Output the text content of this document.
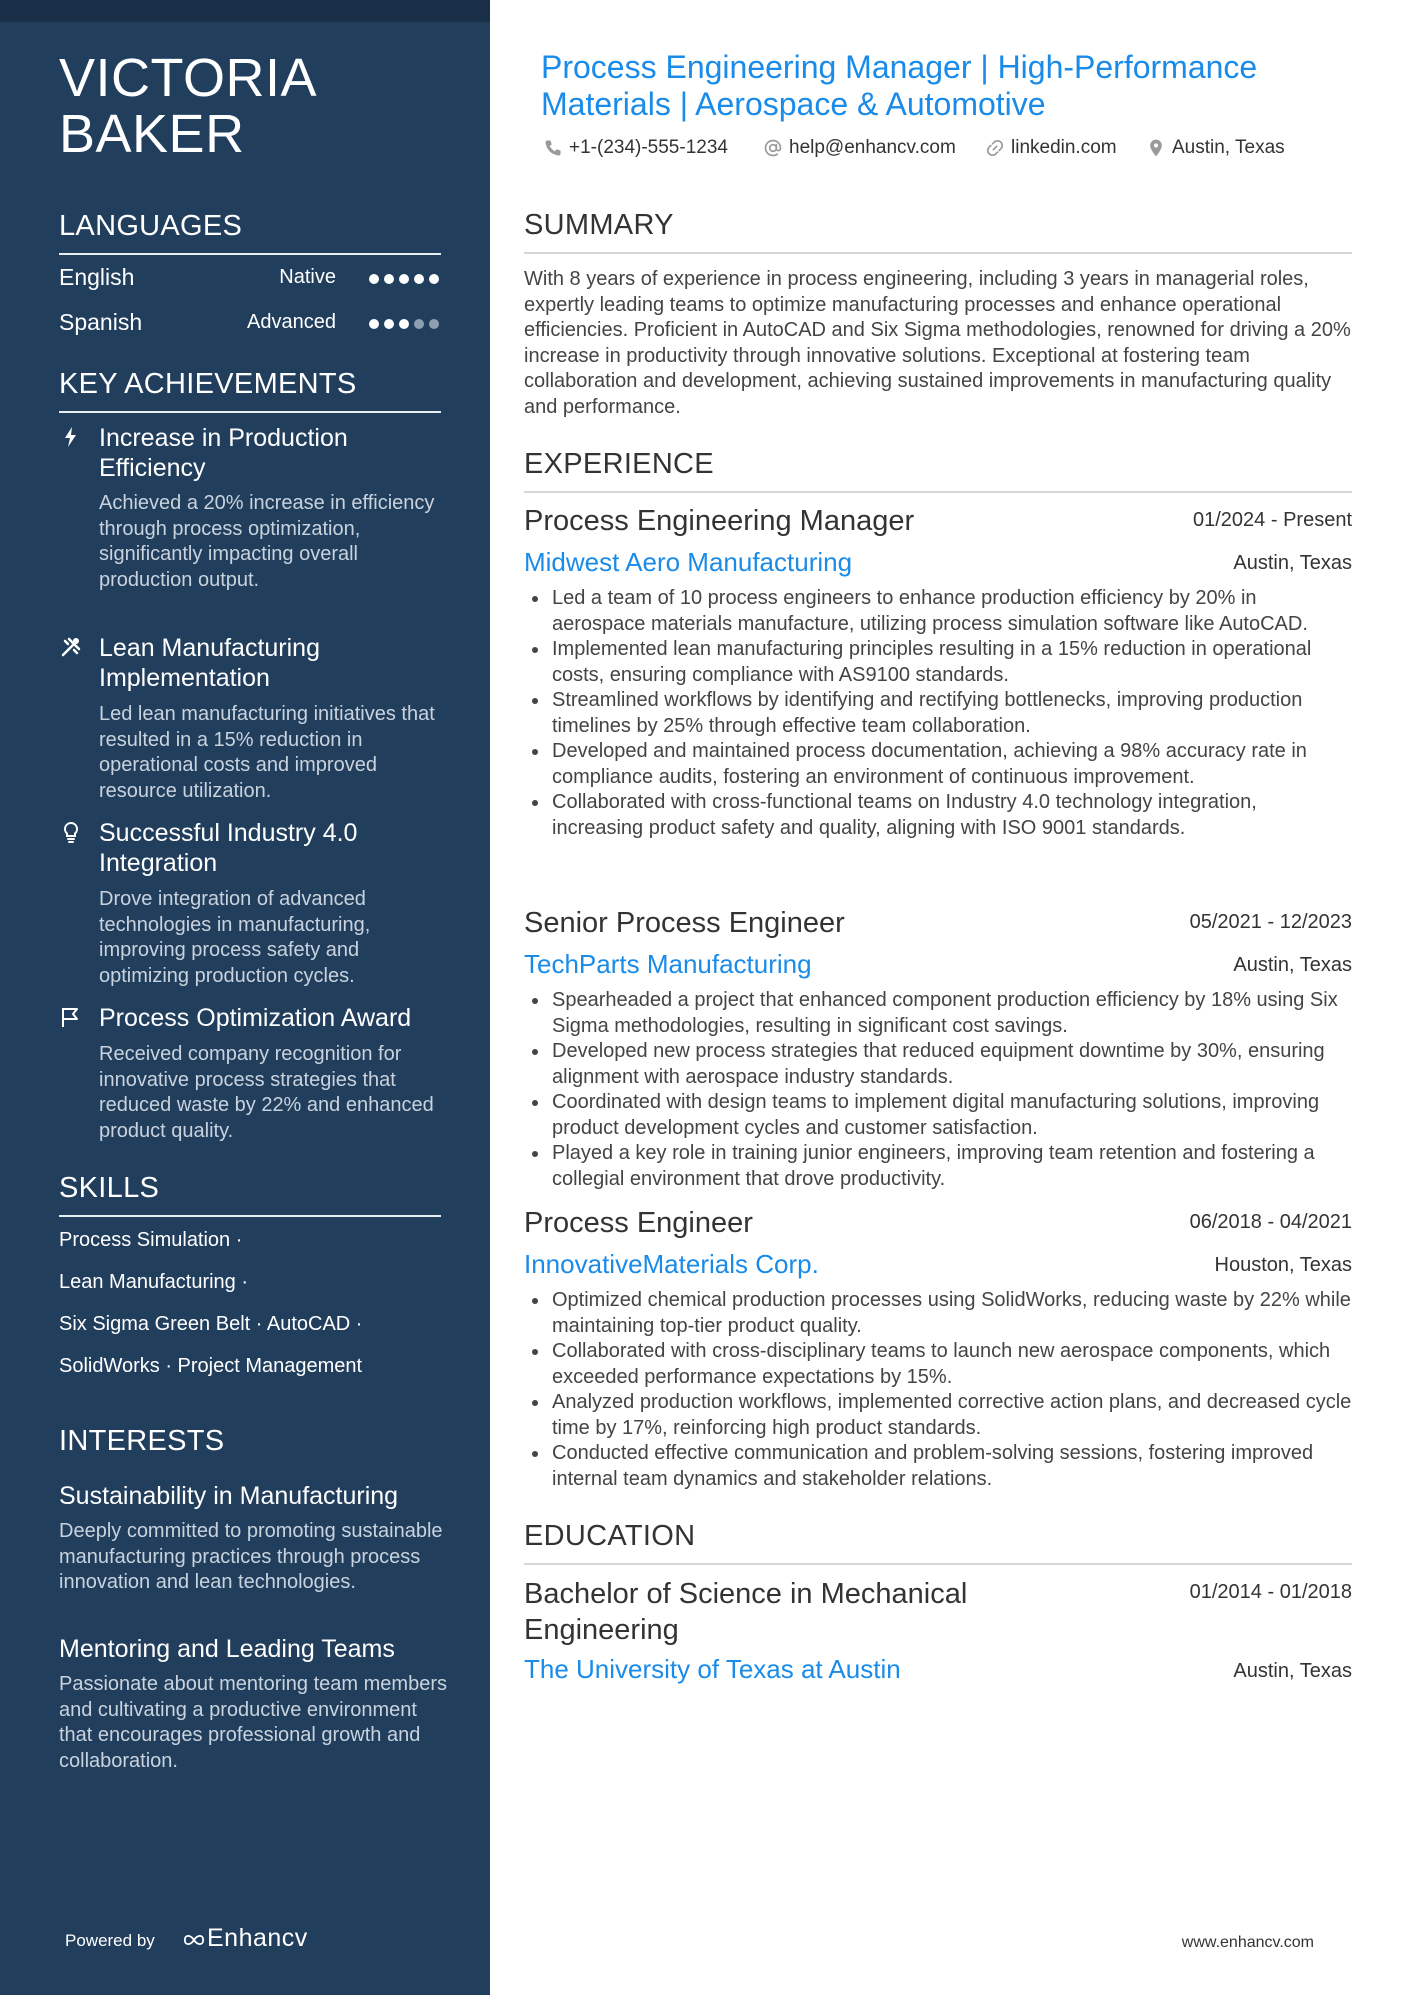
VICTORIA
BAKER
LANGUAGES
English	Native
Spanish	Advanced
KEY ACHIEVEMENTS
Increase in Production Efficiency
Achieved a 20% increase in efficiency through process optimization, significantly impacting overall production output.
Lean Manufacturing Implementation
Led lean manufacturing initiatives that resulted in a 15% reduction in operational costs and improved resource utilization.
Successful Industry 4.0 Integration
Drove integration of advanced technologies in manufacturing, improving process safety and optimizing production cycles.
Process Optimization Award
Received company recognition for innovative process strategies that reduced waste by 22% and enhanced product quality.
SKILLS
Process Simulation ·
Lean Manufacturing ·
Six Sigma Green Belt · AutoCAD ·
SolidWorks · Project Management
INTERESTS
Sustainability in Manufacturing
Deeply committed to promoting sustainable manufacturing practices through process innovation and lean technologies.
Mentoring and Leading Teams
Passionate about mentoring team members and cultivating a productive environment that encourages professional growth and collaboration.
Powered by Enhancv
Process Engineering Manager | High-Performance Materials | Aerospace & Automotive
+1-(234)-555-1234	help@enhancv.com	linkedin.com	Austin, Texas
SUMMARY
With 8 years of experience in process engineering, including 3 years in managerial roles, expertly leading teams to optimize manufacturing processes and enhance operational efficiencies. Proficient in AutoCAD and Six Sigma methodologies, renowned for driving a 20% increase in productivity through innovative solutions. Exceptional at fostering team collaboration and development, achieving sustained improvements in manufacturing quality and performance.
EXPERIENCE
Process Engineering Manager	01/2024 - Present
Midwest Aero Manufacturing	Austin, Texas
Led a team of 10 process engineers to enhance production efficiency by 20% in aerospace materials manufacture, utilizing process simulation software like AutoCAD.
Implemented lean manufacturing principles resulting in a 15% reduction in operational costs, ensuring compliance with AS9100 standards.
Streamlined workflows by identifying and rectifying bottlenecks, improving production timelines by 25% through effective team collaboration.
Developed and maintained process documentation, achieving a 98% accuracy rate in compliance audits, fostering an environment of continuous improvement.
Collaborated with cross-functional teams on Industry 4.0 technology integration, increasing product safety and quality, aligning with ISO 9001 standards.
Senior Process Engineer	05/2021 - 12/2023
TechParts Manufacturing	Austin, Texas
Spearheaded a project that enhanced component production efficiency by 18% using Six Sigma methodologies, resulting in significant cost savings.
Developed new process strategies that reduced equipment downtime by 30%, ensuring alignment with aerospace industry standards.
Coordinated with design teams to implement digital manufacturing solutions, improving product development cycles and customer satisfaction.
Played a key role in training junior engineers, improving team retention and fostering a collegial environment that drove productivity.
Process Engineer	06/2018 - 04/2021
InnovativeMaterials Corp.	Houston, Texas
Optimized chemical production processes using SolidWorks, reducing waste by 22% while maintaining top-tier product quality.
Collaborated with cross-disciplinary teams to launch new aerospace components, which exceeded performance expectations by 15%.
Analyzed production workflows, implemented corrective action plans, and decreased cycle time by 17%, reinforcing high product standards.
Conducted effective communication and problem-solving sessions, fostering improved internal team dynamics and stakeholder relations.
EDUCATION
Bachelor of Science in Mechanical Engineering
01/2014 - 01/2018
The University of Texas at Austin	Austin, Texas
www.enhancv.com
